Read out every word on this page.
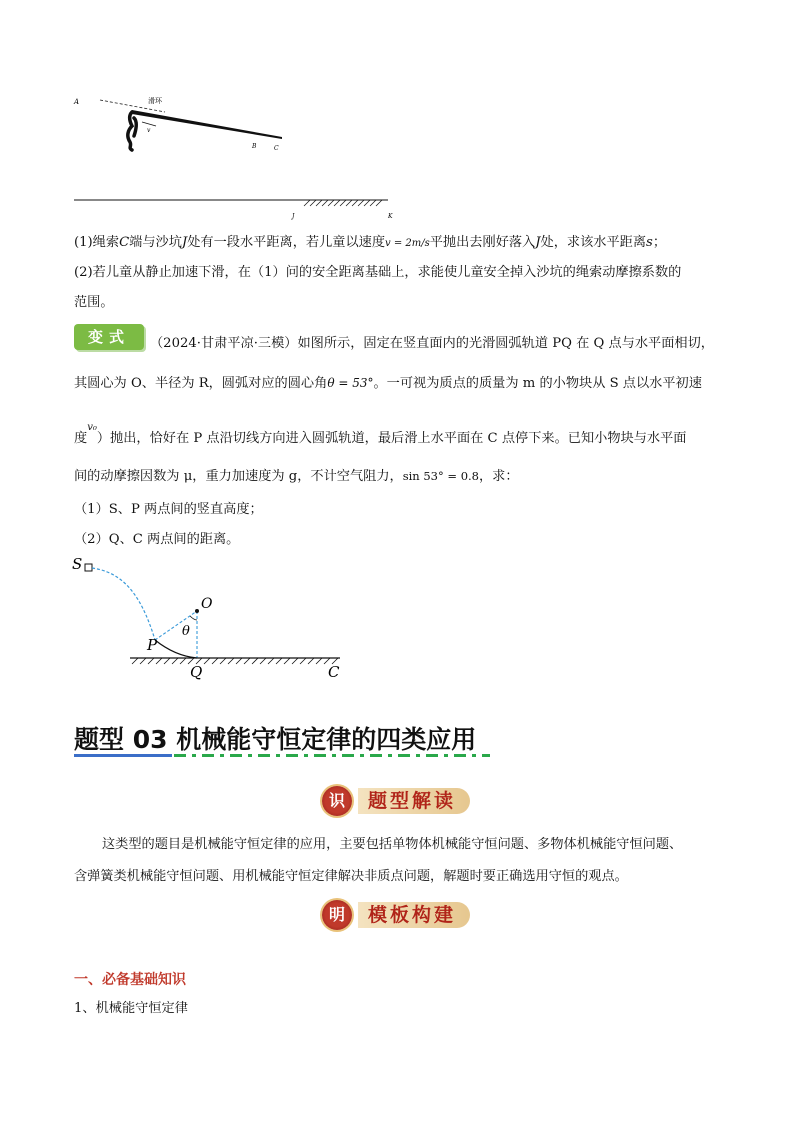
A	滑环
v
B	C
J	K
(1)绳索C端与沙坑J处有一段水平距离，若儿童以速度v = 2m/s平抛出去刚好落入J处，求该水平距离s；
(2)若儿童从静止加速下滑，在（1）问的安全距离基础上，求能使儿童安全掉入沙坑的绳索动摩擦系数的
范围。
变式	（2024·甘肃平凉·三模）如图所示，固定在竖直面内的光滑圆弧轨道 PQ 在 Q 点与水平面相切，
其圆心为 O、半径为 R，圆弧对应的圆心角θ = 53°。一可视为质点的质量为 m 的小物块从 S 点以水平初速
度$^{v_0}$）抛出，恰好在 P 点沿切线方向进入圆弧轨道，最后滑上水平面在 C 点停下来。已知小物块与水平面
间的动摩擦因数为 μ，重力加速度为 g，不计空气阻力，sin 53° = 0.8，求：
（1）S、P 两点间的竖直高度；
（2）Q、C 两点间的距离。
S
O
θ
P
Q	C
题型 03 机械能守恒定律的四类应用
识	题型解读
这类型的题目是机械能守恒定律的应用，主要包括单物体机械能守恒问题、多物体机械能守恒问题、
含弹簧类机械能守恒问题、用机械能守恒定律解决非质点问题，解题时要正确选用守恒的观点。
明	模板构建
一、必备基础知识
1、机械能守恒定律
